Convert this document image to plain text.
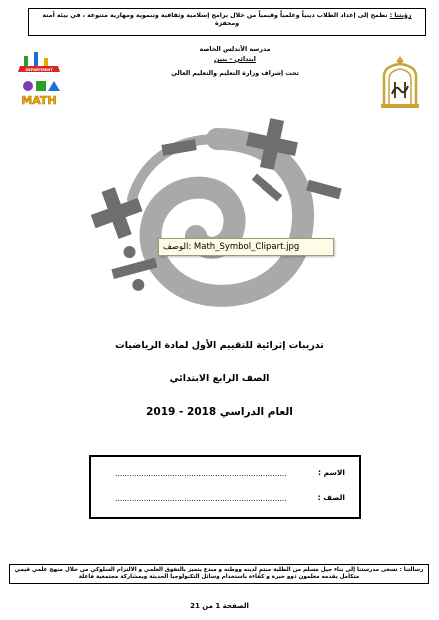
رؤيتنا : نطمح إلى إعداد الطلاب دينياً وعلمياً وقيمياً من خلال برامج إسلامية وثقافية وتنموية ومهارية متنوعة ، في بيئة آمنة ومحفزة
مدرسة الأندلس الخاصة
ابتدائي - بنين
تحت إشراف وزارة التعليم والتعليم العالي
MATH
DEPARTMENT
الوصف: Math_Symbol_Clipart.jpg
تدريبات إثرائية للتقييم الأول لمادة الرياضيات
الصف الرابع الابتدائي
العام الدراسي 2018 - 2019
الاسم :
........................................................................
الصف :
........................................................................
رسالتنا : تسعى مدرستنا إلى بناء جيل مسلم من الطلبة منتمٍ لدينه ووطنه و مبدع يتميز بالتفوق العلمي و الالتزام السلوكي من خلال منهج علمي قيمي متكامل يقدمه معلمون ذوو خبرة و كفاءة باستخدام وسائل التكنولوجيا الحديثة وبمشاركة مجتمعية فاعلة
الصفحة 1 من 21
